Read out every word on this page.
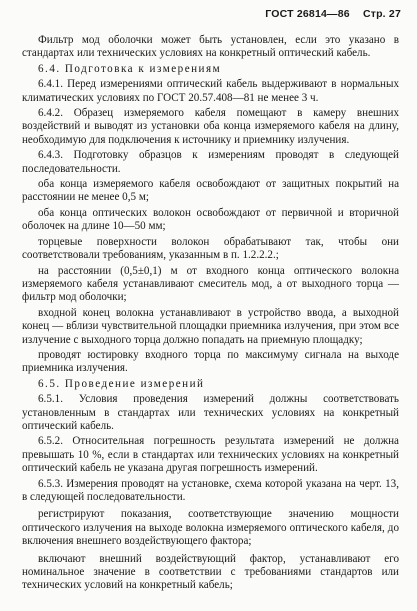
ГОСТ 26814—86 Стр. 27

Фильтр мод оболочки может быть установлен, если это указано в стандартах или технических условиях на конкретный оптический кабель.

6.4. Подготовка к измерениям

6.4.1. Перед измерениями оптический кабель выдерживают в нормальных климатических условиях по ГОСТ 20.57.408—81 не менее 3 ч.

6.4.2. Образец измеряемого кабеля помещают в камеру внешних воздействий и выводят из установки оба конца измеряемого кабеля на длину, необходимую для подключения к источнику и приемнику излучения.

6.4.3. Подготовку образцов к измерениям проводят в следующей последовательности.

оба конца измеряемого кабеля освобождают от защитных покрытий на расстоянии не менее 0,5 м;

оба конца оптических волокон освобождают от первичной и вторичной оболочек на длине 10—50 мм;

торцевые поверхности волокон обрабатывают так, чтобы они соответствовали требованиям, указанным в п. 1.2.2.2.;

на расстоянии (0,5±0,1) м от входного конца оптического волокна измеряемого кабеля устанавливают смеситель мод, а от выходного торца — фильтр мод оболочки;

входной конец волокна устанавливают в устройство ввода, а выходной конец — вблизи чувствительной площадки приемника излучения, при этом все излучение с выходного торца должно попадать на приемную площадку;

проводят юстировку входного торца по максимуму сигнала на выходе приемника излучения.

6.5. Проведение измерений

6.5.1. Условия проведения измерений должны соответствовать установленным в стандартах или технических условиях на конкретный оптический кабель.

6.5.2. Относительная погрешность результата измерений не должна превышать 10 %, если в стандартах или технических условиях на конкретный оптический кабель не указана другая погрешность измерений.

6.5.3. Измерения проводят на установке, схема которой указана на черт. 13, в следующей последовательности.

регистрируют показания, соответствующие значению мощности оптического излучения на выходе волокна измеряемого оптического кабеля, до включения внешнего воздействующего фактора;

включают внешний воздействующий фактор, устанавливают его номинальное значение в соответствии с требованиями стандартов или технических условий на конкретный кабель;
